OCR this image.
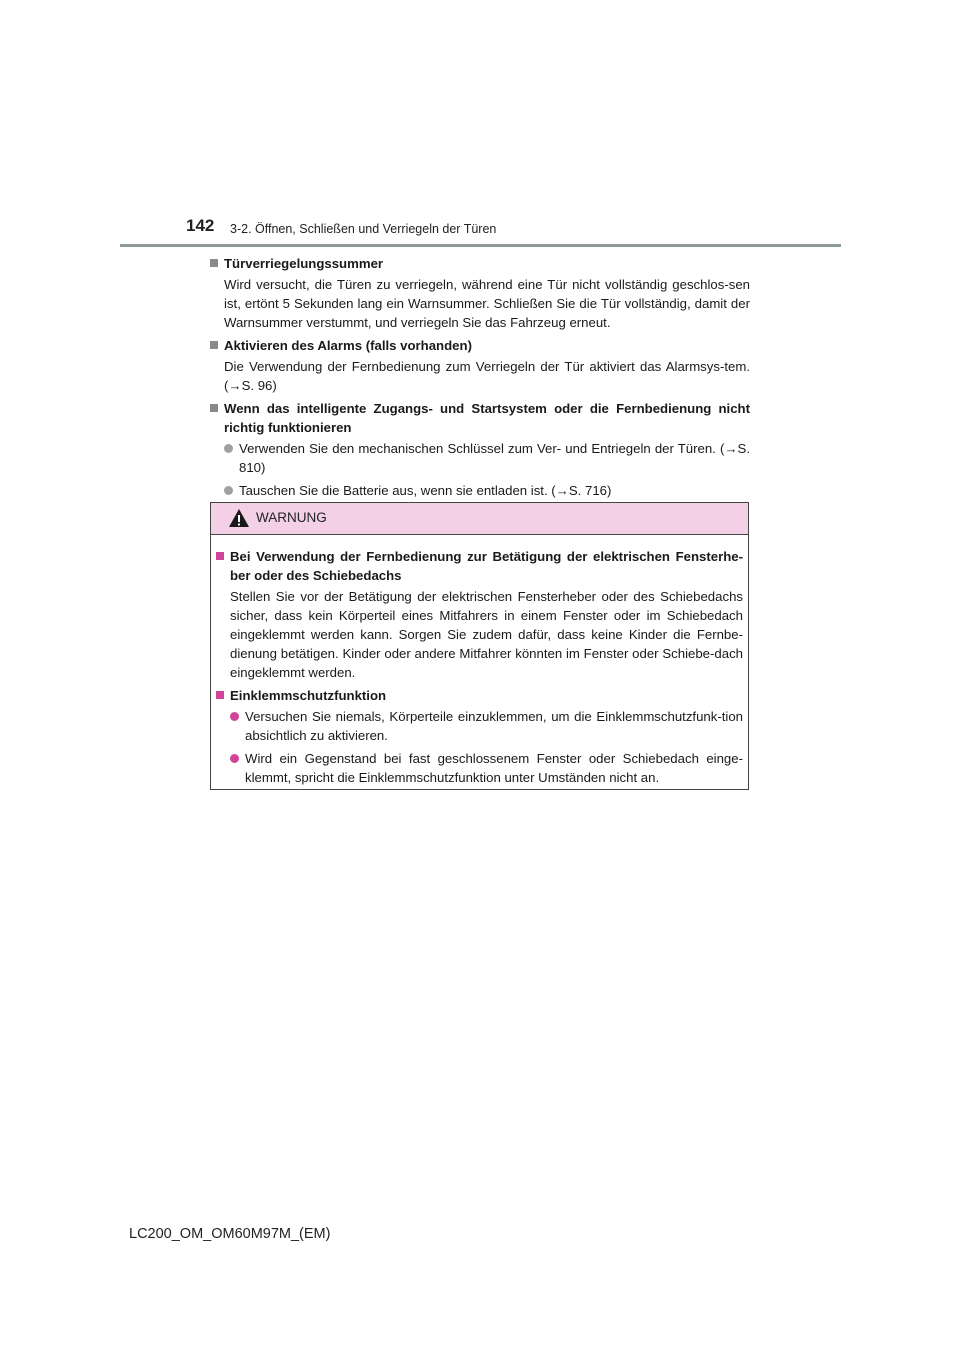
142 3-2. Öffnen, Schließen und Verriegeln der Türen
Türverriegelungssummer
Wird versucht, die Türen zu verriegeln, während eine Tür nicht vollständig geschlos-sen ist, ertönt 5 Sekunden lang ein Warnsummer. Schließen Sie die Tür vollständig, damit der Warnsummer verstummt, und verriegeln Sie das Fahrzeug erneut.
Aktivieren des Alarms (falls vorhanden)
Die Verwendung der Fernbedienung zum Verriegeln der Tür aktiviert das Alarmsys-tem. (→S. 96)
Wenn das intelligente Zugangs- und Startsystem oder die Fernbedienung nicht richtig funktionieren
Verwenden Sie den mechanischen Schlüssel zum Ver- und Entriegeln der Türen. (→S. 810)
Tauschen Sie die Batterie aus, wenn sie entladen ist. (→S. 716)
WARNUNG
Bei Verwendung der Fernbedienung zur Betätigung der elektrischen Fensterhe-ber oder des Schiebedachs
Stellen Sie vor der Betätigung der elektrischen Fensterheber oder des Schiebedachs sicher, dass kein Körperteil eines Mitfahrers in einem Fenster oder im Schiebedach eingeklemmt werden kann. Sorgen Sie zudem dafür, dass keine Kinder die Fernbe-dienung betätigen. Kinder oder andere Mitfahrer könnten im Fenster oder Schiebe-dach eingeklemmt werden.
Einklemmschutzfunktion
Versuchen Sie niemals, Körperteile einzuklemmen, um die Einklemmschutzfunk-tion absichtlich zu aktivieren.
Wird ein Gegenstand bei fast geschlossenem Fenster oder Schiebedach einge-klemmt, spricht die Einklemmschutzfunktion unter Umständen nicht an.
LC200_OM_OM60M97M_(EM)
